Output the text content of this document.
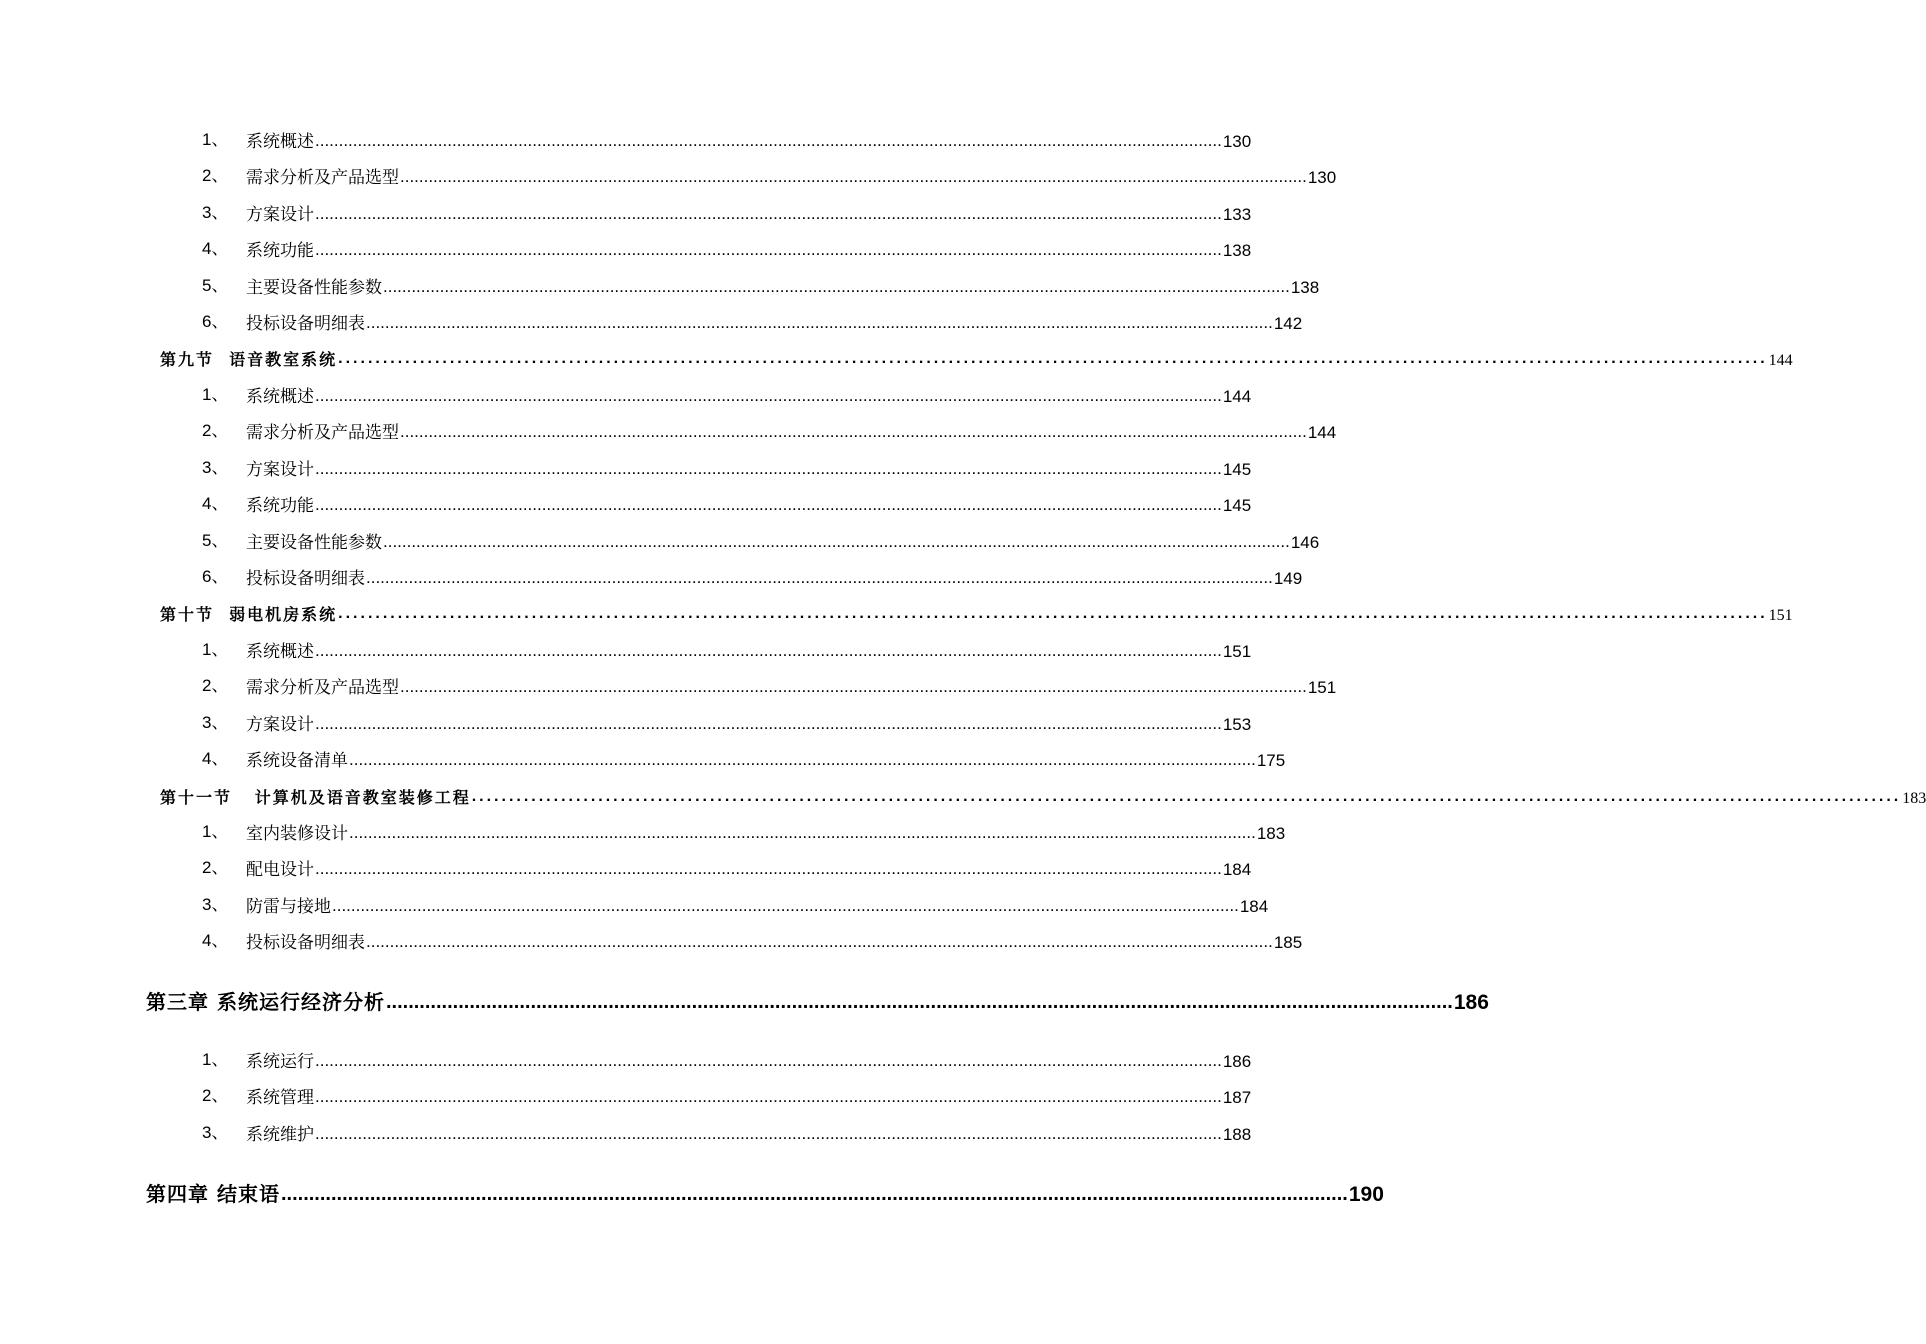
1、 系统概述 ................................................................................................................................................................................................ 130
2、 需求分析及产品选型 ................................................................................................................................................................................................ 130
3、 方案设计 ................................................................................................................................................................................................ 133
4、 系统功能 ................................................................................................................................................................................................ 138
5、 主要设备性能参数 ................................................................................................................................................................................................ 138
6、 投标设备明细表 ................................................................................................................................................................................................ 142
第九节  语音教室系统 ................................................................................................................................................................................................ 144
1、 系统概述 ................................................................................................................................................................................................ 144
2、 需求分析及产品选型 ................................................................................................................................................................................................ 144
3、 方案设计 ................................................................................................................................................................................................ 145
4、 系统功能 ................................................................................................................................................................................................ 145
5、 主要设备性能参数 ................................................................................................................................................................................................ 146
6、 投标设备明细表 ................................................................................................................................................................................................ 149
第十节  弱电机房系统 ................................................................................................................................................................................................ 151
1、 系统概述 ................................................................................................................................................................................................ 151
2、 需求分析及产品选型 ................................................................................................................................................................................................ 151
3、 方案设计 ................................................................................................................................................................................................ 153
4、 系统设备清单 ................................................................................................................................................................................................ 175
第十一节   计算机及语音教室装修工程 ................................................................................................................................................................................................ 183
1、 室内装修设计 ................................................................................................................................................................................................ 183
2、 配电设计 ................................................................................................................................................................................................ 184
3、 防雷与接地 ................................................................................................................................................................................................ 184
4、 投标设备明细表 ................................................................................................................................................................................................ 185
第三章 系统运行经济分析 ................................................................................................................................................................................................ 186
1、 系统运行 ................................................................................................................................................................................................ 186
2、 系统管理 ................................................................................................................................................................................................ 187
3、 系统维护 ................................................................................................................................................................................................ 188
第四章 结束语 ................................................................................................................................................................................................ 190
